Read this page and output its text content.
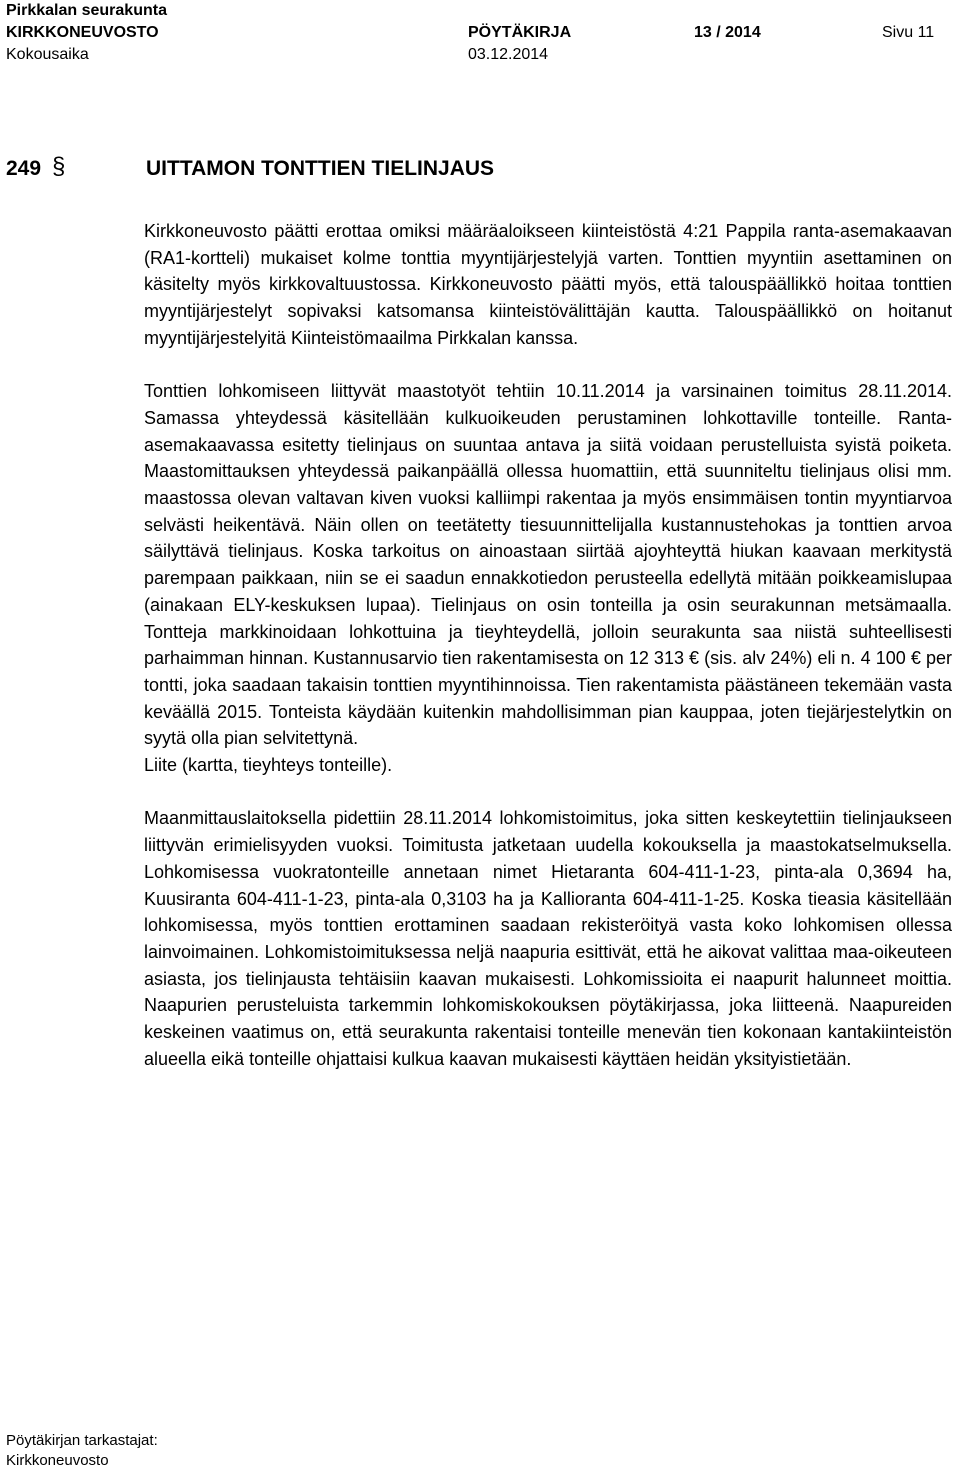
Pirkkalan seurakunta
KIRKKONEUVOSTO	PÖYTÄKIRJA	13 / 2014	Sivu 11
Kokousaika	03.12.2014
249 §	UITTAMON TONTTIEN TIELINJAUS

Kirkkoneuvosto päätti erottaa omiksi määräaloikseen kiinteistöstä 4:21 Pappila ranta-asemakaavan (RA1-kortteli) mukaiset kolme tonttia myyntijärjestelyjä varten. Tonttien myyntiin asettaminen on käsitelty myös kirkkovaltuustossa. Kirkkoneuvosto päätti myös, että talouspäällikkö hoitaa tonttien myyntijärjestelyt sopivaksi katsomansa kiinteistövälittäjän kautta. Talouspäällikkö on hoitanut myyntijärjestelyitä Kiinteistömaailma Pirkkalan kanssa.

Tonttien lohkomiseen liittyvät maastotyöt tehtiin 10.11.2014 ja varsinainen toimitus 28.11.2014. Samassa yhteydessä käsitellään kulkuoikeuden perustaminen lohkottaville tonteille. Ranta-asemakaavassa esitetty tielinjaus on suuntaa antava ja siitä voidaan perustelluista syistä poiketa. Maastomittauksen yhteydessä paikanpäällä ollessa huomattiin, että suunniteltu tielinjaus olisi mm. maastossa olevan valtavan kiven vuoksi kalliimpi rakentaa ja myös ensimmäisen tontin myyntiarvoa selvästi heikentävä. Näin ollen on teetätetty tiesuunnittelijalla kustannustehokas ja tonttien arvoa säilyttävä tielinjaus. Koska tarkoitus on ainoastaan siirtää ajoyhteyttä hiukan kaavaan merkitystä parempaan paikkaan, niin se ei saadun ennakkotiedon perusteella edellytä mitään poikkeamislupaa (ainakaan ELY-keskuksen lupaa). Tielinjaus on osin tonteilla ja osin seurakunnan metsämaalla. Tontteja markkinoidaan lohkottuina ja tieyhteydellä, jolloin seurakunta saa niistä suhteellisesti parhaimman hinnan. Kustannusarvio tien rakentamisesta on 12 313 € (sis. alv 24%) eli n. 4 100 € per tontti, joka saadaan takaisin tonttien myyntihinnoissa. Tien rakentamista päästäneen tekemään vasta keväällä 2015. Tonteista käydään kuitenkin mahdollisimman pian kauppaa, joten tiejärjestelytkin on syytä olla pian selvitettynä.

Liite (kartta, tieyhteys tonteille).

Maanmittauslaitoksella pidettiin 28.11.2014 lohkomistoimitus, joka sitten keskeytettiin tielinjaukseen liittyvän erimielisyyden vuoksi. Toimitusta jatketaan uudella kokouksella ja maastokatselmuksella. Lohkomisessa vuokratonteille annetaan nimet Hietaranta 604-411-1-23, pinta-ala 0,3694 ha, Kuusiranta 604-411-1-23, pinta-ala 0,3103 ha ja Kallioranta 604-411-1-25. Koska tieasia käsitellään lohkomisessa, myös tonttien erottaminen saadaan rekisteröityä vasta koko lohkomisen ollessa lainvoimainen. Lohkomistoimituksessa neljä naapuria esittivät, että he aikovat valittaa maa-oikeuteen asiasta, jos tielinjausta tehtäisiin kaavan mukaisesti. Lohkomissioita ei naapurit halunneet moittia. Naapurien perusteluista tarkemmin lohkomiskokouksen pöytäkirjassa, joka liitteenä. Naapureiden keskeinen vaatimus on, että seurakunta rakentaisi tonteille menevän tien kokonaan kantakiinteistön alueella eikä tonteille ohjattaisi kulkua kaavan mukaisesti käyttäen heidän yksityistietään.

Pöytäkirjan tarkastajat:
Kirkkoneuvosto
